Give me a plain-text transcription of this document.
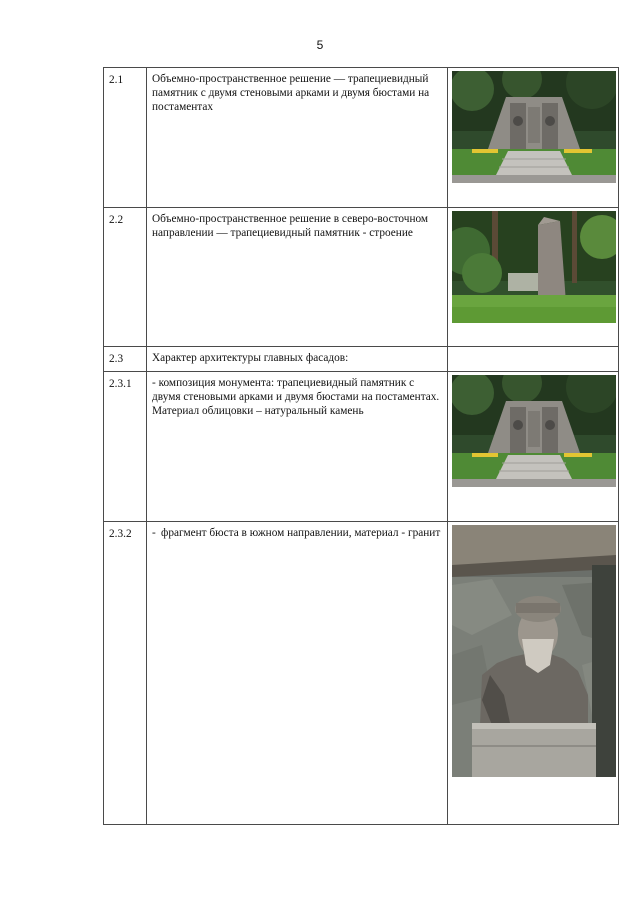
5
2.1	Объемно-пространственное решение — трапециевидный памятник с двумя стеновыми арками и двумя бюстами на постаментах

2.2	Объемно-пространственное решение в северо-восточном направлении — трапециевидный памятник - строение

2.3	Характер архитектуры главных фасадов:	

2.3.1	- композиция монумента: трапециевидный памятник с двумя стеновыми арками и двумя бюстами на постаментах. Материал облицовки – натуральный камень

2.3.2	- фрагмент бюста в южном направлении, материал - гранит
